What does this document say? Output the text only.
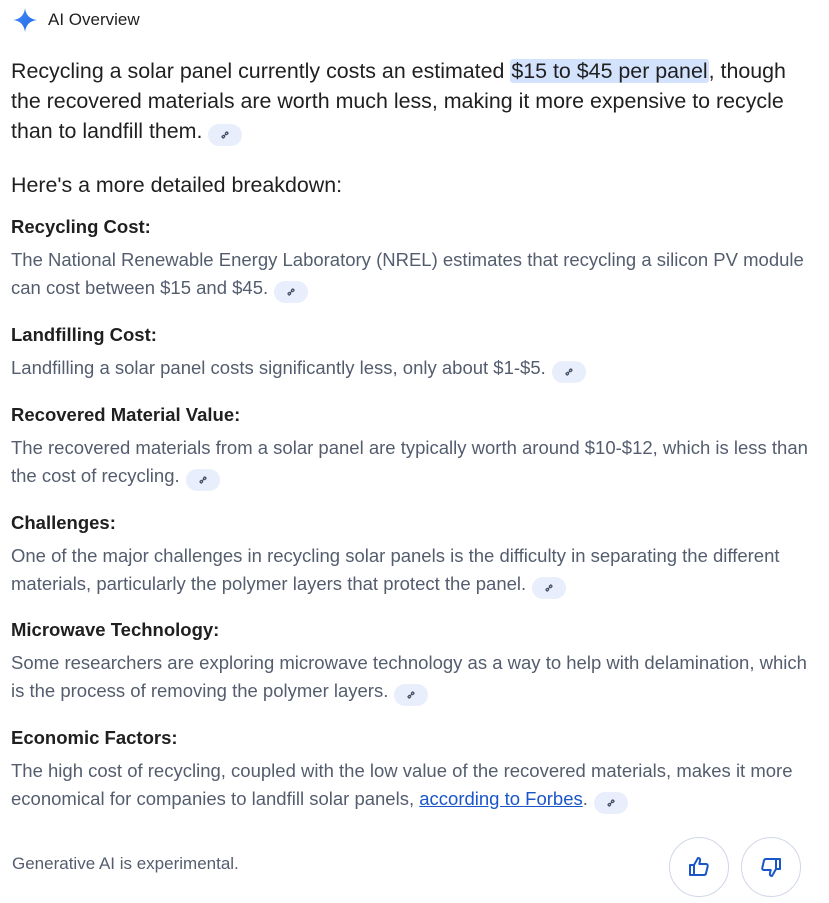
AI Overview
Recycling a solar panel currently costs an estimated $15 to $45 per panel, though the recovered materials are worth much less, making it more expensive to recycle than to landfill them.
Here's a more detailed breakdown:
Recycling Cost:

The National Renewable Energy Laboratory (NREL) estimates that recycling a silicon PV module can cost between $15 and $45.

Landfilling Cost:

Landfilling a solar panel costs significantly less, only about $1-$5.

Recovered Material Value:

The recovered materials from a solar panel are typically worth around $10-$12, which is less than the cost of recycling.

Challenges:

One of the major challenges in recycling solar panels is the difficulty in separating the different materials, particularly the polymer layers that protect the panel.

Microwave Technology:

Some researchers are exploring microwave technology as a way to help with delamination, which is the process of removing the polymer layers.

Economic Factors:

The high cost of recycling, coupled with the low value of the recovered materials, makes it more economical for companies to landfill solar panels, according to Forbes.

Generative AI is experimental.
